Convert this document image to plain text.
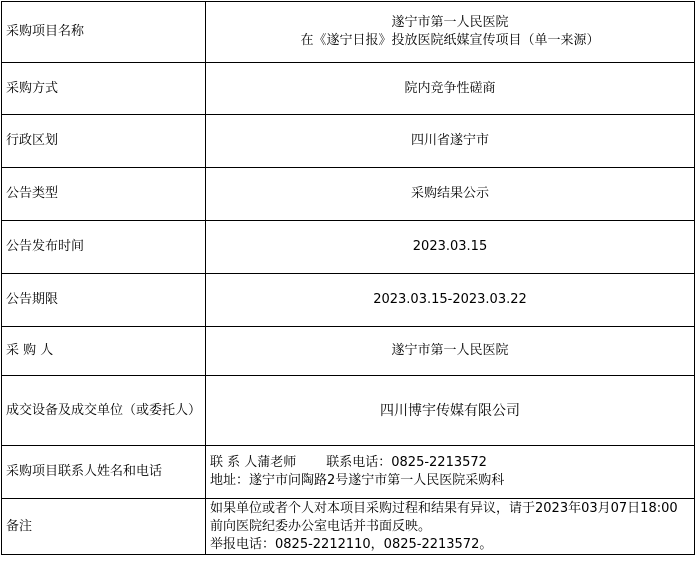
采购项目名称	遂宁市第一人民医院
在《遂宁日报》投放医院纸媒宣传项目（单一来源）

采购方式	院内竞争性磋商
行政区划	四川省遂宁市
公告类型	采购结果公示
公告发布时间	2023.03.15
公告期限	2023.03.15-2023.03.22
采 购 人	遂宁市第一人民医院
成交设备及成交单位（或委托人）	四川博宇传媒有限公司
采购项目联系人姓名和电话	联 系 人蒲老师 联系电话：0825-2213572
地址：遂宁市问陶路2号遂宁市第一人民医院采购科

备注	如果单位或者个人对本项目采购过程和结果有异议，请于2023年03月07日18:00前向医院纪委办公室电话并书面反映。
举报电话：0825-2212110，0825-2213572。
